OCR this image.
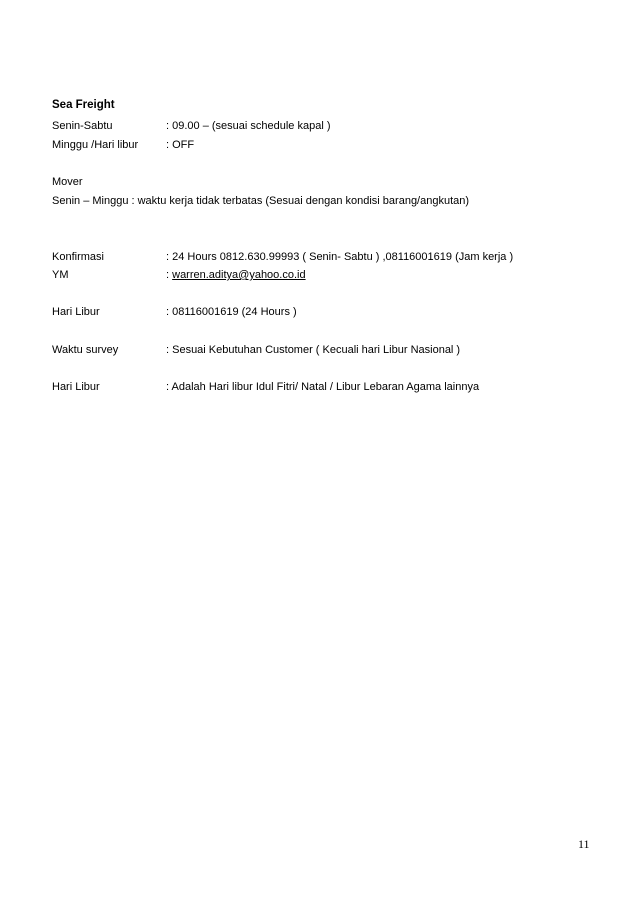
Sea Freight
Senin-Sabtu	: 09.00 – (sesuai schedule kapal )
Minggu /Hari libur	: OFF
Mover
Senin – Minggu : waktu kerja tidak terbatas (Sesuai dengan kondisi barang/angkutan)
Konfirmasi	: 24 Hours 0812.630.99993 ( Senin- Sabtu ) ,08116001619 (Jam kerja )
YM	: warren.aditya@yahoo.co.id
Hari Libur	: 08116001619 (24 Hours )
Waktu survey	: Sesuai Kebutuhan Customer ( Kecuali hari Libur Nasional )
Hari Libur	: Adalah Hari libur Idul Fitri/ Natal / Libur Lebaran Agama lainnya
11
